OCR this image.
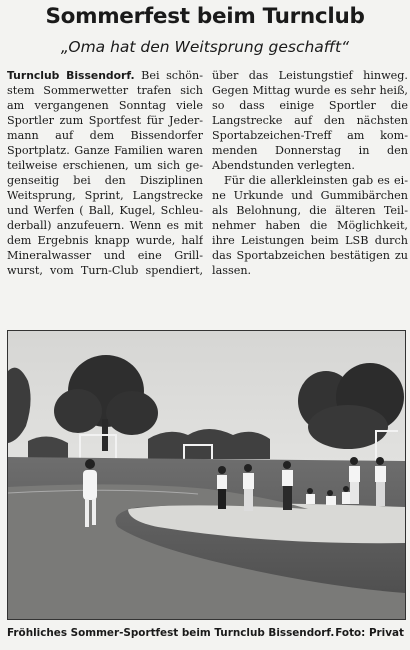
Sommerfest beim Turnclub
„Oma hat den Weitsprung geschafft“

Turnclub Bissendorf. Bei schön-
stem Sommerwetter trafen sich
am vergangenen Sonntag viele
Sportler zum Sportfest für Jeder-
mann auf dem Bissendorfer
Sportplatz. Ganze Familien waren
teilweise erschienen, um sich ge-
genseitig bei den Disziplinen
Weitsprung, Sprint, Langstrecke
und Werfen ( Ball, Kugel, Schleu-
derball) anzufeuern. Wenn es mit
dem Ergebnis knapp wurde, half
Mineralwasser und eine Grill-
wurst, vom Turn-Club spendiert,

über das Leistungstief hinweg.
Gegen Mittag wurde es sehr heiß,
so dass einige Sportler die
Langstrecke auf den nächsten
Sportabzeichen-Treff am kom-
menden Donnerstag in den
Abendstunden verlegten.

Für die allerkleinsten gab es ei-
ne Urkunde und Gummibärchen
als Belohnung, die älteren Teil-
nehmer haben die Möglichkeit,
ihre Leistungen beim LSB durch
das Sportabzeichen bestätigen zu
lassen.

Fröhliches Sommer-Sportfest beim Turnclub Bissendorf. Foto: Privat
